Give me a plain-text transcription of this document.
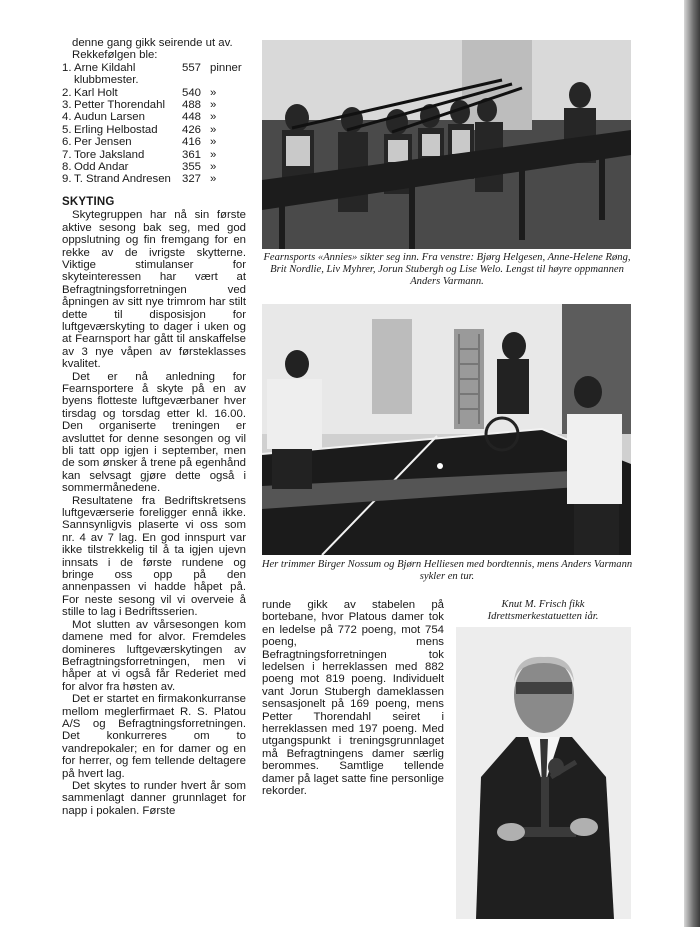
denne gang gikk seirende ut av.

Rekkefølgen ble:

1. Arne Kildahl	557 pinner
klubbmester.
2. Karl Holt	540 »
3. Petter Thorendahl	488 »
4. Audun Larsen	448 »
5. Erling Helbostad	426 »
6. Per Jensen	416 »
7. Tore Jaksland	361 »
8. Odd Andar	355 »
9. T. Strand Andresen 327 »
SKYTING

Skytegruppen har nå sin første aktive sesong bak seg, med god oppslutning og fin fremgang for en rekke av de ivrigste skytterne. Viktige stimulanser for skyteinteressen har vært at Befragtningsforretningen ved åpningen av sitt nye trimrom har stilt dette til disposisjon for luftgeværskyting to dager i uken og at Fearnsport har gått til anskaffelse av 3 nye våpen av førsteklasses kvalitet.

Det er nå anledning for Fearnsportere å skyte på en av byens flotteste luftgeværbaner hver tirsdag og torsdag etter kl. 16.00. Den organiserte treningen er avsluttet for denne sesongen og vil bli tatt opp igjen i september, men de som ønsker å trene på egenhånd kan selvsagt gjøre dette også i sommermånedene.

Resultatene fra Bedriftskretsens luftgeværserie foreligger ennå ikke. Sannsynligvis plaserte vi oss som nr. 4 av 7 lag. En god innspurt var ikke tilstrekkelig til å ta igjen ujevn innsats i de første rundene og bringe oss opp på den annenpassen vi hadde håpet på. For neste sesong vil vi overveie å stille to lag i Bedriftsserien.

Mot slutten av vårsesongen kom damene med for alvor. Fremdeles domineres luftgeværskytingen av Befragtningsforretningen, men vi håper at vi også får Rederiet med for alvor fra høsten av.

Det er startet en firmakonkurranse mellom meglerfirmaet R. S. Platou A/S og Befragtningsforretningen. Det konkurreres om to vandrepokaler; en for damer og en for herrer, og fem tellende deltagere på hvert lag.

Det skytes to runder hvert år som sammenlagt danner grunnlaget for napp i pokalen. Første

Fearnsports «Annies» sikter seg inn. Fra venstre: Bjørg Helgesen, Anne-Helene Røng, Brit Nordlie, Liv Myhrer, Jorun Stubergh og Lise Welo. Lengst til høyre oppmannen Anders Varmann.
Her trimmer Birger Nossum og Bjørn Helliesen med bordtennis, mens Anders Varmann sykler en tur.

runde gikk av stabelen på bortebane, hvor Platous damer tok en ledelse på 772 poeng, mot 754 poeng, mens Befragtningsforretningen tok ledelsen i herreklassen med 882 poeng mot 819 poeng. Individuelt vant Jorun Stubergh dameklassen sensasjonelt på 169 poeng, mens Petter Thorendahl seiret i herreklassen med 197 poeng. Med utgangspunkt i treningsgrunnlaget må Befragtningens damer særlig berommes. Samtlige tellende damer på laget satte fine personlige rekorder.

Knut M. Frisch fikk Idrettsmerkestatuetten iår.
